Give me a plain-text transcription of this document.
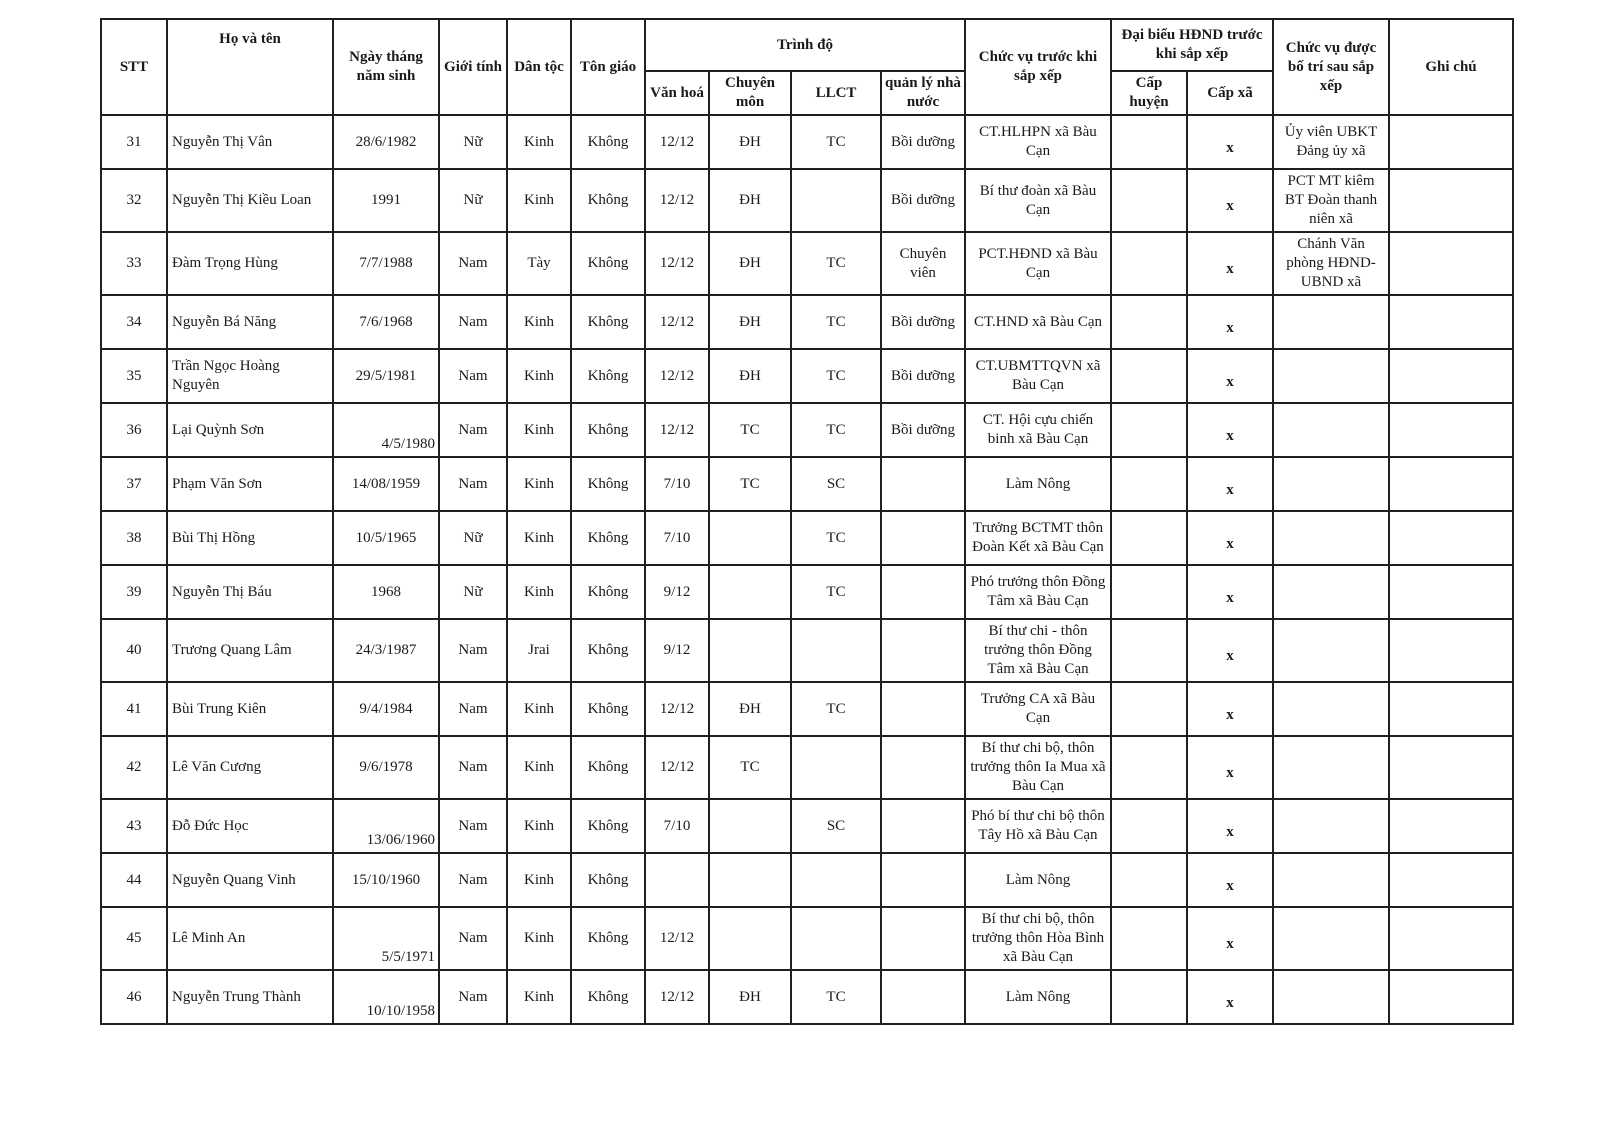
STT	Họ và tên	Ngày tháng năm sinh	Giới tính	Dân tộc	Tôn giáo	Trình độ				Chức vụ trước khi sắp xếp	Đại biểu HĐND trước khi sắp xếp		Chức vụ được bố trí sau sắp xếp	Ghi chú
						Văn hoá	Chuyên môn	LLCT	quản lý nhà nước		Cấp huyện	Cấp xã		
31	Nguyễn Thị Vân	28/6/1982	Nữ	Kinh	Không	12/12	ĐH	TC	Bồi dưỡng	CT.HLHPN xã Bàu Cạn		x	Ủy viên UBKT Đảng ủy xã	
32	Nguyễn Thị Kiều Loan	1991	Nữ	Kinh	Không	12/12	ĐH		Bồi dưỡng	Bí thư đoàn xã Bàu Cạn		x	PCT MT kiêm BT Đoàn thanh niên xã	
33	Đàm Trọng Hùng	7/7/1988	Nam	Tày	Không	12/12	ĐH	TC	Chuyên viên	PCT.HĐND xã Bàu Cạn		x	Chánh Văn phòng HĐND-UBND xã	
34	Nguyễn Bá Năng	7/6/1968	Nam	Kinh	Không	12/12	ĐH	TC	Bồi dưỡng	CT.HND xã Bàu Cạn		x		
35	Trần Ngọc Hoàng Nguyên	29/5/1981	Nam	Kinh	Không	12/12	ĐH	TC	Bồi dưỡng	CT.UBMTTQVN xã Bàu Cạn		x		
36	Lại Quỳnh Sơn	4/5/1980	Nam	Kinh	Không	12/12	TC	TC	Bồi dưỡng	CT. Hội cựu chiến binh xã Bàu Cạn		x		
37	Phạm Văn Sơn	14/08/1959	Nam	Kinh	Không	7/10	TC	SC		Làm Nông		x		
38	Bùi Thị Hồng	10/5/1965	Nữ	Kinh	Không	7/10		TC		Trưởng BCTMT thôn Đoàn Kết xã Bàu Cạn		x		
39	Nguyễn Thị Báu	1968	Nữ	Kinh	Không	9/12		TC		Phó trưởng thôn Đồng Tâm xã Bàu Cạn		x		
40	Trương Quang Lâm	24/3/1987	Nam	Jrai	Không	9/12				Bí thư chi - thôn trưởng thôn Đồng Tâm xã Bàu Cạn		x		
41	Bùi Trung Kiên	9/4/1984	Nam	Kinh	Không	12/12	ĐH	TC		Trưởng CA xã Bàu Cạn		x		
42	Lê Văn Cương	9/6/1978	Nam	Kinh	Không	12/12	TC			Bí thư chi bộ, thôn trưởng thôn Ia Mua xã Bàu Cạn		x		
43	Đỗ Đức Học	13/06/1960	Nam	Kinh	Không	7/10		SC		Phó bí thư chi bộ thôn Tây Hồ xã Bàu Cạn		x		
44	Nguyễn Quang Vinh	15/10/1960	Nam	Kinh	Không					Làm Nông		x		
45	Lê Minh An	5/5/1971	Nam	Kinh	Không	12/12				Bí thư chi bộ, thôn trưởng thôn Hòa Bình xã Bàu Cạn		x		
46	Nguyễn Trung Thành	10/10/1958	Nam	Kinh	Không	12/12	ĐH	TC		Làm Nông		x		
